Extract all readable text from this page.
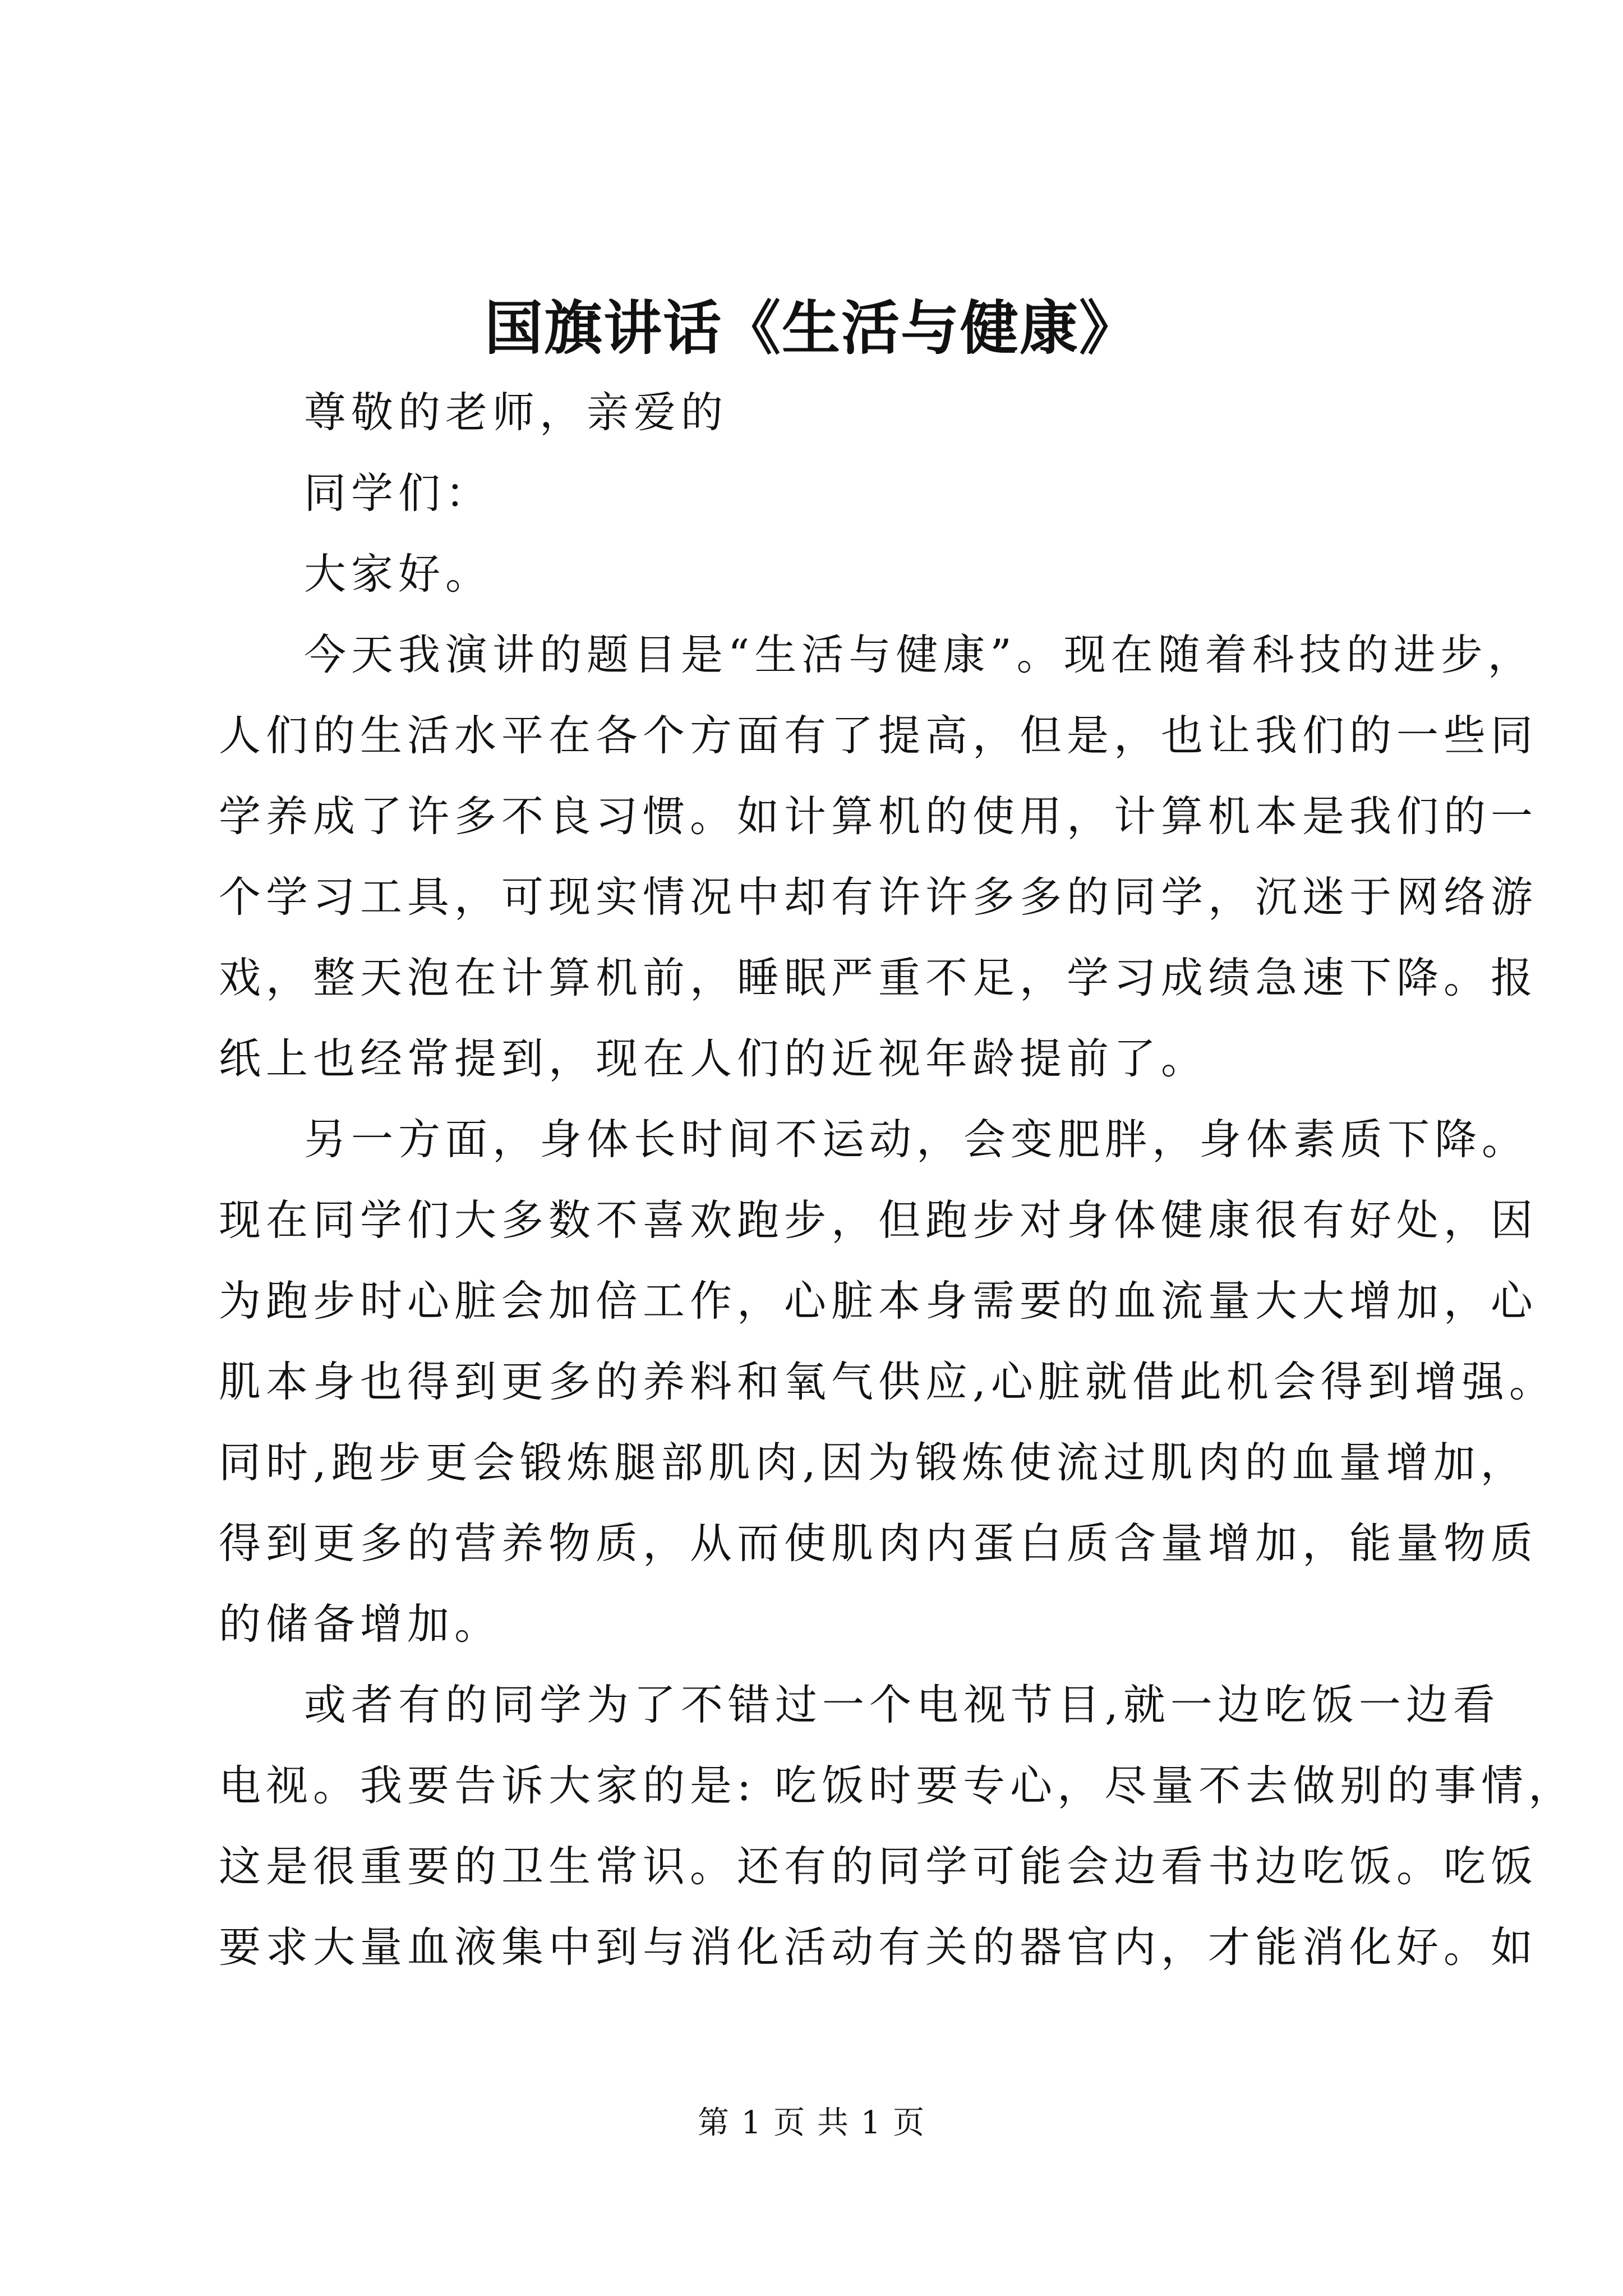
国旗讲话《生活与健康》
尊敬的老师，亲爱的
同学们：
大家好。
今天我演讲的题目是“生活与健康”。现在随着科技的进步，
人们的生活水平在各个方面有了提高，但是，也让我们的一些同
学养成了许多不良习惯。如计算机的使用，计算机本是我们的一
个学习工具，可现实情况中却有许许多多的同学，沉迷于网络游
戏，整天泡在计算机前，睡眠严重不足，学习成绩急速下降。报
纸上也经常提到，现在人们的近视年龄提前了。
另一方面，身体长时间不运动，会变肥胖，身体素质下降。
现在同学们大多数不喜欢跑步，但跑步对身体健康很有好处，因
为跑步时心脏会加倍工作，心脏本身需要的血流量大大增加，心
肌本身也得到更多的养料和氧气供应,心脏就借此机会得到增强。
同时,跑步更会锻炼腿部肌肉,因为锻炼使流过肌肉的血量增加，
得到更多的营养物质，从而使肌肉内蛋白质含量增加，能量物质
的储备增加。
或者有的同学为了不错过一个电视节目,就一边吃饭一边看
电视。我要告诉大家的是: 吃饭时要专心，尽量不去做别的事情，
这是很重要的卫生常识。还有的同学可能会边看书边吃饭。吃饭
要求大量血液集中到与消化活动有关的器官内，才能消化好。如
第 1 页 共 1 页
